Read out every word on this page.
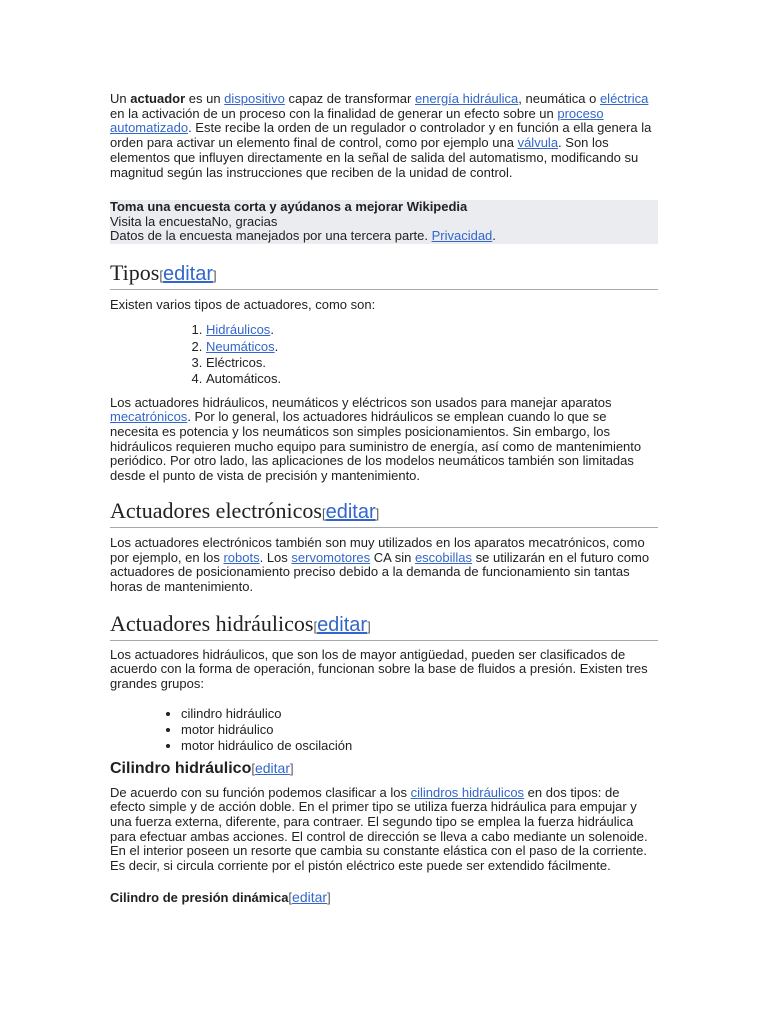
Un actuador es un dispositivo capaz de transformar energía hidráulica, neumática o eléctrica en la activación de un proceso con la finalidad de generar un efecto sobre un proceso automatizado. Este recibe la orden de un regulador o controlador y en función a ella genera la orden para activar un elemento final de control, como por ejemplo una válvula. Son los elementos que influyen directamente en la señal de salida del automatismo, modificando su magnitud según las instrucciones que reciben de la unidad de control.

Toma una encuesta corta y ayúdanos a mejorar Wikipedia
Visita la encuestaNo, gracias
Datos de la encuesta manejados por una tercera parte. Privacidad.
Tipos[editar]

Existen varios tipos de actuadores, como son:

1. Hidráulicos.
2. Neumáticos.
3. Eléctricos.
4. Automáticos.

Los actuadores hidráulicos, neumáticos y eléctricos son usados para manejar aparatos mecatrónicos. Por lo general, los actuadores hidráulicos se emplean cuando lo que se necesita es potencia y los neumáticos son simples posicionamientos. Sin embargo, los hidráulicos requieren mucho equipo para suministro de energía, así como de mantenimiento periódico. Por otro lado, las aplicaciones de los modelos neumáticos también son limitadas desde el punto de vista de precisión y mantenimiento.

Actuadores electrónicos[editar]

Los actuadores electrónicos también son muy utilizados en los aparatos mecatrónicos, como por ejemplo, en los robots. Los servomotores CA sin escobillas se utilizarán en el futuro como actuadores de posicionamiento preciso debido a la demanda de funcionamiento sin tantas horas de mantenimiento.

Actuadores hidráulicos[editar]

Los actuadores hidráulicos, que son los de mayor antigüedad, pueden ser clasificados de acuerdo con la forma de operación, funcionan sobre la base de fluidos a presión. Existen tres grandes grupos:

• cilindro hidráulico
• motor hidráulico
• motor hidráulico de oscilación
Cilindro hidráulico[editar]

De acuerdo con su función podemos clasificar a los cilindros hidráulicos en dos tipos: de efecto simple y de acción doble. En el primer tipo se utiliza fuerza hidráulica para empujar y una fuerza externa, diferente, para contraer. El segundo tipo se emplea la fuerza hidráulica para efectuar ambas acciones. El control de dirección se lleva a cabo mediante un solenoide. En el interior poseen un resorte que cambia su constante elástica con el paso de la corriente. Es decir, si circula corriente por el pistón eléctrico este puede ser extendido fácilmente.

Cilindro de presión dinámica[editar]
